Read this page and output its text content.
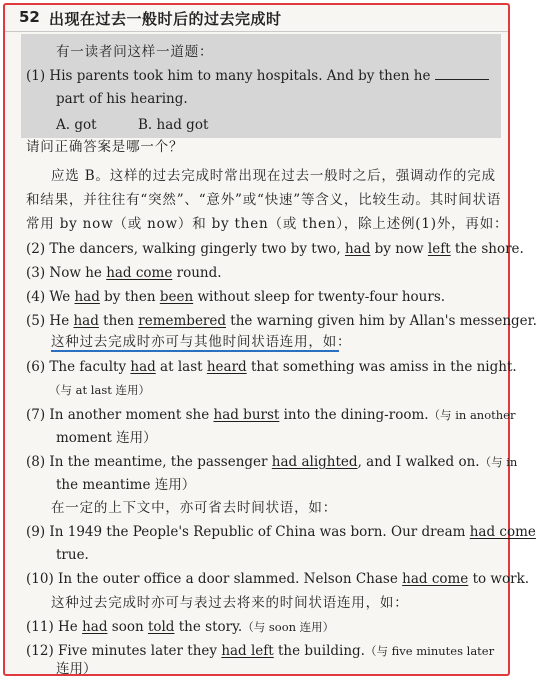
52 出现在过去一般时后的过去完成时
有一读者问这样一道题：
(1) His parents took him to many hospitals. And by then he
part of his hearing.
A. got	B. had got
请问正确答案是哪一个？
应选 B。这样的过去完成时常出现在过去一般时之后，强调动作的完成
和结果，并往往有“突然”、“意外”或“快速”等含义，比较生动。其时间状语
常用 by now（或 now）和 by then（或 then），除上述例(1)外，再如：
(2) The dancers, walking gingerly two by two, had by now left the shore.
(3) Now he had come round.
(4) We had by then been without sleep for twenty-four hours.
(5) He had then remembered the warning given him by Allan's messenger.
这种过去完成时亦可与其他时间状语连用，如：
(6) The faculty had at last heard that something was amiss in the night.
（与 at last 连用）
(7) In another moment she had burst into the dining-room.（与 in another
moment 连用）
(8) In the meantime, the passenger had alighted, and I walked on.（与 in
the meantime 连用）
在一定的上下文中，亦可省去时间状语，如：
(9) In 1949 the People's Republic of China was born. Our dream had come
true.
(10) In the outer office a door slammed. Nelson Chase had come to work.
这种过去完成时亦可与表过去将来的时间状语连用，如：
(11) He had soon told the story.（与 soon 连用）
(12) Five minutes later they had left the building.（与 five minutes later
连用）
